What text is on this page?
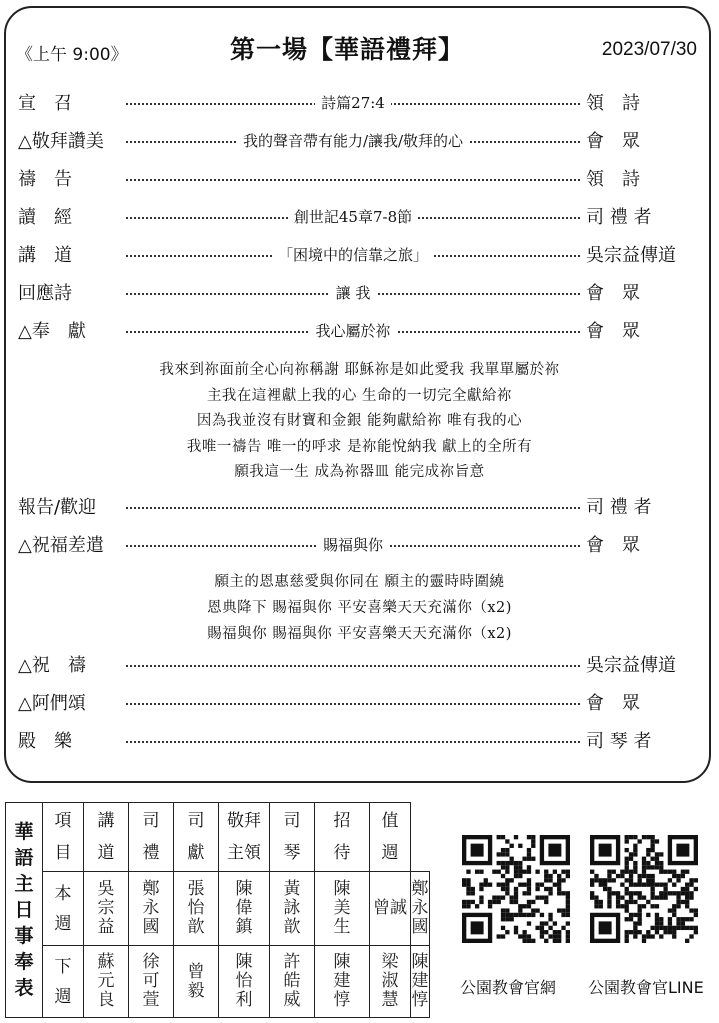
《上午 9:00》	第一場【華語禮拜】	2023/07/30
宣　召	詩篇27:4	領　詩
△敬拜讚美	我的聲音帶有能力/讓我/敬拜的心	會　眾
禱　告	領　詩
讀　經	創世記45章7-8節	司 禮 者
講　道	「困境中的信靠之旅」	吳宗益傳道
回應詩	讓 我	會　眾
△奉　獻	我心屬於祢	會　眾
我來到祢面前全心向祢稱謝 耶穌祢是如此愛我 我單單屬於祢
主我在這裡獻上我的心 生命的一切完全獻給祢
因為我並沒有財寶和金銀 能夠獻給祢 唯有我的心
我唯一禱告 唯一的呼求 是祢能悅納我 獻上的全所有
願我這一生 成為祢器皿 能完成祢旨意
報告/歡迎	司 禮 者
△祝福差遣	賜福與你	會　眾
願主的恩惠慈愛與你同在 願主的靈時時圍繞
恩典降下 賜福與你 平安喜樂天天充滿你（x2)
賜福與你 賜福與你 平安喜樂天天充滿你（x2)
△祝　禱	吳宗益傳道
△阿們頌	會　眾
殿　樂	司 琴 者
華語主日事奉表	項目	講道	司禮	司獻	敬拜主領	司琴	招待	值週	

	本週	吳宗益	鄭永國	張怡歆	陳偉鎮	黃詠歆	陳美生	曾誠	鄭永國

	下週	蘇元良	徐可萱	曾毅	陳怡利	許皓威	陳建惇	梁淑慧	陳建惇
公園教會官網 公園教會官LINE
